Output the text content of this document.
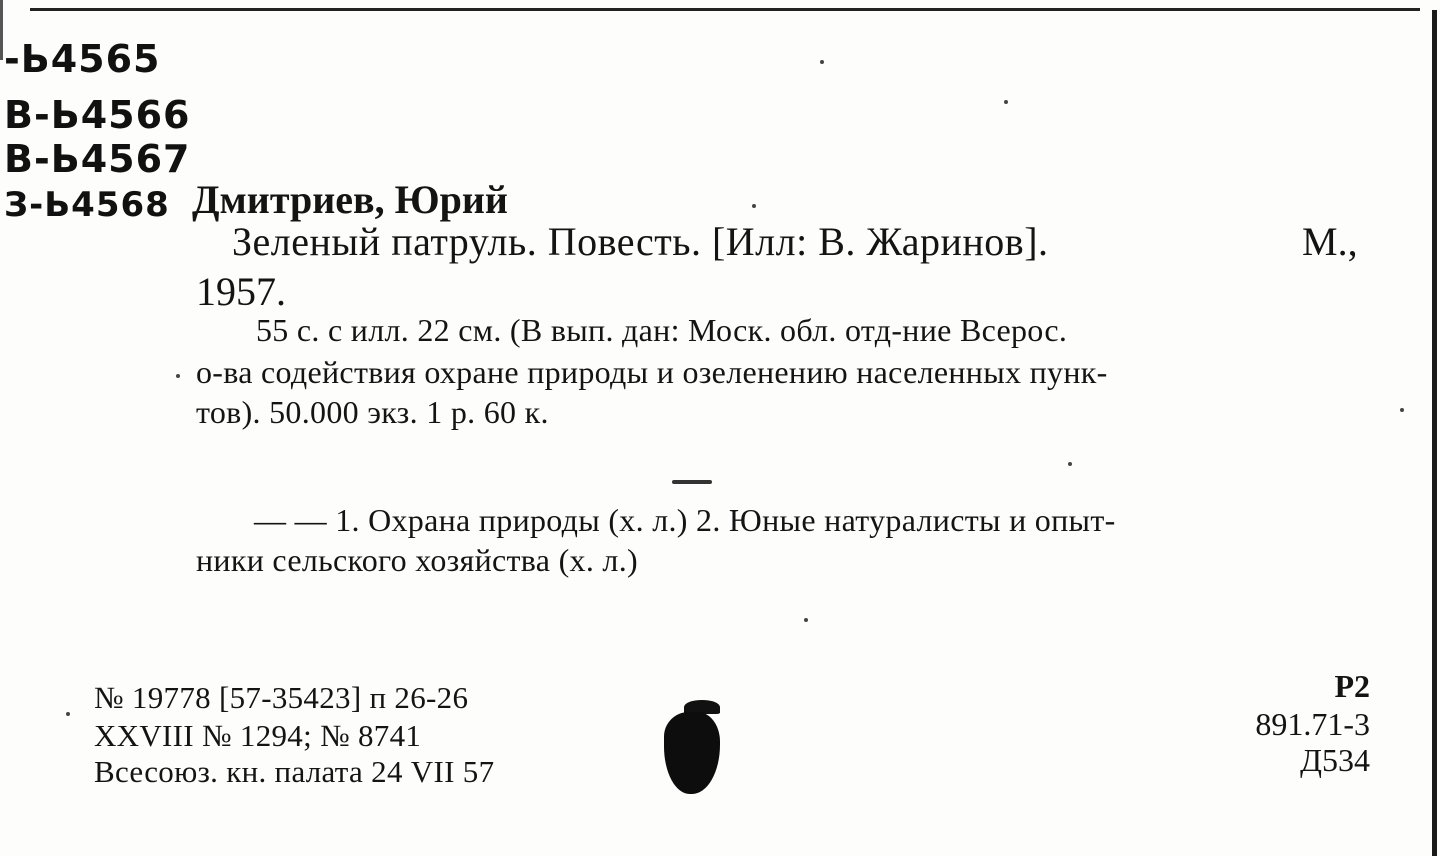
-Ь4565
В-Ь4566
В-Ь4567
З-Ь4568 Дмитриев, Юрий
Зеленый патруль. Повесть. [Илл: В. Жаринов].	М.,
1957.
55 с. с илл. 22 см. (В вып. дан: Моск. обл. отд-ние Всерос.
о-ва содействия охране природы и озеленению населенных пунк-
тов). 50.000 экз. 1 р. 60 к.
— — 1. Охрана природы (х. л.) 2. Юные натуралисты и опыт-
ники сельского хозяйства (х. л.)
№ 19778 [57-35423] п 26-26
XXVIII № 1294; № 8741
Всесоюз. кн. палата 24 VII 57
Р2
891.71-3
Д534
